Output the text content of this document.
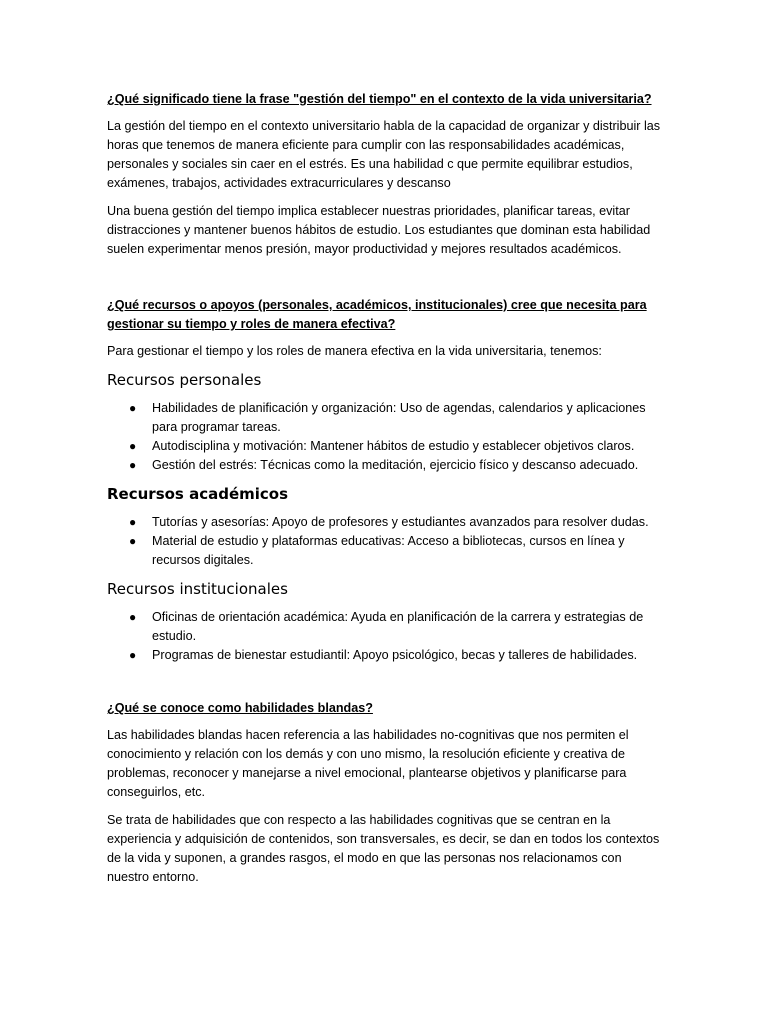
¿Qué significado tiene la frase "gestión del tiempo" en el contexto de la vida universitaria?
La gestión del tiempo en el contexto universitario habla de la capacidad de organizar y distribuir las horas que tenemos de manera eficiente para cumplir con las responsabilidades académicas, personales y sociales sin caer en el estrés. Es una habilidad c que permite equilibrar estudios, exámenes, trabajos, actividades extracurriculares y descanso
Una buena gestión del tiempo implica establecer nuestras prioridades, planificar tareas, evitar distracciones y mantener buenos hábitos de estudio. Los estudiantes que dominan esta habilidad suelen experimentar menos presión, mayor productividad y mejores resultados académicos.
¿Qué recursos o apoyos (personales, académicos, institucionales) cree que necesita para gestionar su tiempo y roles de manera efectiva?
Para gestionar el tiempo y los roles de manera efectiva en la vida universitaria, tenemos:
Recursos personales
● Habilidades de planificación y organización: Uso de agendas, calendarios y aplicaciones para programar tareas.
● Autodisciplina y motivación: Mantener hábitos de estudio y establecer objetivos claros.
● Gestión del estrés: Técnicas como la meditación, ejercicio físico y descanso adecuado.
Recursos académicos
● Tutorías y asesorías: Apoyo de profesores y estudiantes avanzados para resolver dudas.
● Material de estudio y plataformas educativas: Acceso a bibliotecas, cursos en línea y recursos digitales.
Recursos institucionales
● Oficinas de orientación académica: Ayuda en planificación de la carrera y estrategias de estudio.
● Programas de bienestar estudiantil: Apoyo psicológico, becas y talleres de habilidades.
¿Qué se conoce como habilidades blandas?
Las habilidades blandas hacen referencia a las habilidades no-cognitivas que nos permiten el conocimiento y relación con los demás y con uno mismo, la resolución eficiente y creativa de problemas, reconocer y manejarse a nivel emocional, plantearse objetivos y planificarse para conseguirlos, etc.
Se trata de habilidades que con respecto a las habilidades cognitivas que se centran en la experiencia y adquisición de contenidos, son transversales, es decir, se dan en todos los contextos de la vida y suponen, a grandes rasgos, el modo en que las personas nos relacionamos con nuestro entorno.
